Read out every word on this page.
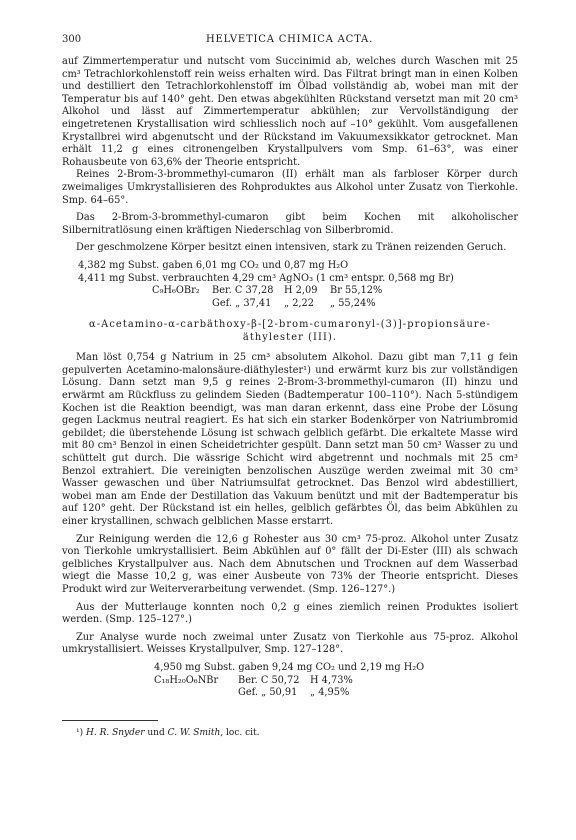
300	HELVETICA CHIMICA ACTA.

auf Zimmertemperatur und nutscht vom Succinimid ab, welches durch Waschen mit 25 cm³ Tetrachlorkohlenstoff rein weiss erhalten wird. Das Filtrat bringt man in einen Kolben und destilliert den Tetrachlorkohlenstoff im Ölbad vollständig ab, wobei man mit der Temperatur bis auf 140° geht. Den etwas abgekühlten Rückstand versetzt man mit 20 cm³ Alkohol und lässt auf Zimmertemperatur abkühlen; zur Vervollständigung der eingetretenen Krystallisation wird schliesslich noch auf –10° gekühlt. Vom ausgefallenen Krystallbrei wird abgenutscht und der Rückstand im Vakuumexsikkator getrocknet. Man erhält 11,2 g eines citronengelben Krystallpulvers vom Smp. 61–63°, was einer Rohausbeute von 63,6% der Theorie entspricht.

Reines 2-Brom-3-brommethyl-cumaron (II) erhält man als farbloser Körper durch zweimaliges Umkrystallisieren des Rohproduktes aus Alkohol unter Zusatz von Tierkohle. Smp. 64–65°.

Das 2-Brom-3-brommethyl-cumaron gibt beim Kochen mit alkoholischer Silbernitratlösung einen kräftigen Niederschlag von Silberbromid.

Der geschmolzene Körper besitzt einen intensiven, stark zu Tränen reizenden Geruch.

4,382 mg Subst. gaben 6,01 mg CO₂ und 0,87 mg H₂O
4,411 mg Subst. verbrauchten 4,29 cm³ AgNO₃ (1 cm³ entspr. 0,568 mg Br)
C₉H₆OBr₂	Ber. C 37,28	H 2,09	Br 55,12%
Gef. „ 37,41	„ 2,22	„ 55,24%

α-Acetamino-α-carbäthoxy-β-[2-brom-cumaronyl-(3)]-propionsäure-

äthylester (III).

Man löst 0,754 g Natrium in 25 cm³ absolutem Alkohol. Dazu gibt man 7,11 g fein gepulverten Acetamino-malonsäure-diäthylester¹) und erwärmt kurz bis zur vollständigen Lösung. Dann setzt man 9,5 g reines 2-Brom-3-brommethyl-cumaron (II) hinzu und erwärmt am Rückfluss zu gelindem Sieden (Badtemperatur 100–110°). Nach 5-stündigem Kochen ist die Reaktion beendigt, was man daran erkennt, dass eine Probe der Lösung gegen Lackmus neutral reagiert. Es hat sich ein starker Bodenkörper von Natriumbromid gebildet; die überstehende Lösung ist schwach gelblich gefärbt. Die erkaltete Masse wird mit 80 cm³ Benzol in einen Scheidetrichter gespült. Dann setzt man 50 cm³ Wasser zu und schüttelt gut durch. Die wässrige Schicht wird abgetrennt und nochmals mit 25 cm³ Benzol extrahiert. Die vereinigten benzolischen Auszüge werden zweimal mit 30 cm³ Wasser gewaschen und über Natriumsulfat getrocknet. Das Benzol wird abdestilliert, wobei man am Ende der Destillation das Vakuum benützt und mit der Badtemperatur bis auf 120° geht. Der Rückstand ist ein helles, gelblich gefärbtes Öl, das beim Abkühlen zu einer krystallinen, schwach gelblichen Masse erstarrt.

Zur Reinigung werden die 12,6 g Rohester aus 30 cm³ 75-proz. Alkohol unter Zusatz von Tierkohle umkrystallisiert. Beim Abkühlen auf 0° fällt der Di-Ester (III) als schwach gelbliches Krystallpulver aus. Nach dem Abnutschen und Trocknen auf dem Wasserbad wiegt die Masse 10,2 g, was einer Ausbeute von 73% der Theorie entspricht. Dieses Produkt wird zur Weiterverarbeitung verwendet. (Smp. 126–127°.)

Aus der Mutterlauge konnten noch 0,2 g eines ziemlich reinen Produktes isoliert werden. (Smp. 125–127°.)

Zur Analyse wurde noch zweimal unter Zusatz von Tierkohle aus 75-proz. Alkohol umkrystallisiert. Weisses Krystallpulver, Smp. 127–128°.

4,950 mg Subst. gaben 9,24 mg CO₂ und 2,19 mg H₂O
C₁₈H₂₀O₆NBr	Ber. C 50,72	H 4,73%
Gef. „ 50,91	„ 4,95%
¹) H. R. Snyder und C. W. Smith, loc. cit.
